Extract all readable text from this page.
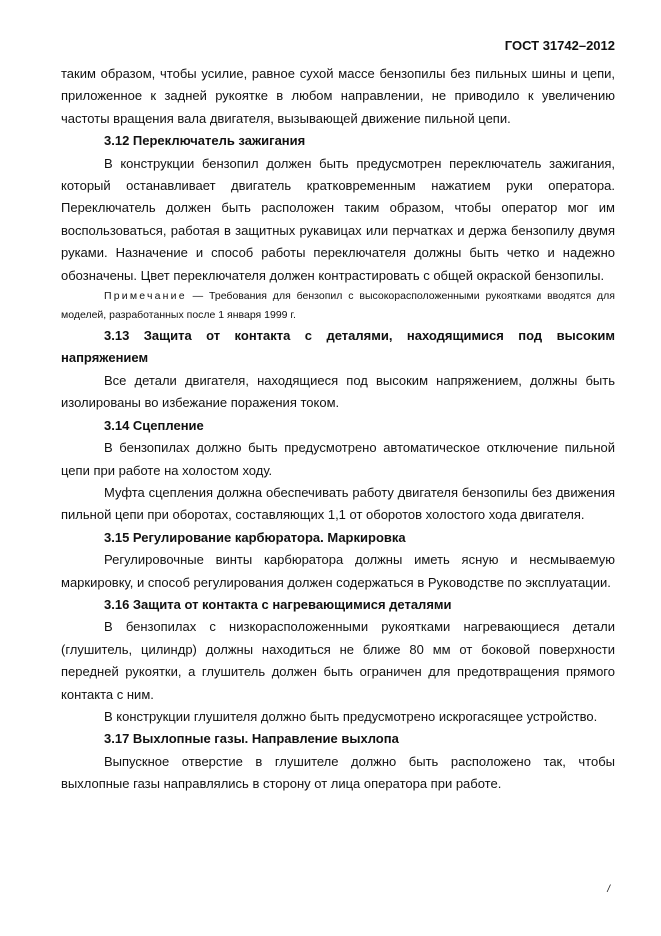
ГОСТ 31742–2012

таким образом, чтобы усилие, равное сухой массе бензопилы без пильных шины и цепи, приложенное к задней рукоятке в любом направлении, не приводило к увеличению частоты вращения вала двигателя, вызывающей движение пильной цепи.

3.12 Переключатель зажигания

В конструкции бензопил должен быть предусмотрен переключатель зажигания, который останавливает двигатель кратковременным нажатием руки оператора. Переключатель должен быть расположен таким образом, чтобы оператор мог им воспользоваться, работая в защитных рукавицах или перчатках и держа бензопилу двумя руками. Назначение и способ работы переключателя должны быть четко и надежно обозначены. Цвет переключателя должен контрастировать с общей окраской бензопилы.

Примечание — Требования для бензопил с высокорасположенными рукоятками вводятся для моделей, разработанных после 1 января 1999 г.
3.13 Защита от контакта с деталями, находящимися под высоким напряжением

Все детали двигателя, находящиеся под высоким напряжением, должны быть изолированы во избежание поражения током.

3.14 Сцепление

В бензопилах должно быть предусмотрено автоматическое отключение пильной цепи при работе на холостом ходу.

Муфта сцепления должна обеспечивать работу двигателя бензопилы без движения пильной цепи при оборотах, составляющих 1,1 от оборотов холостого хода двигателя.

3.15 Регулирование карбюратора. Маркировка

Регулировочные винты карбюратора должны иметь ясную и несмываемую маркировку, и способ регулирования должен содержаться в Руководстве по эксплуатации.

3.16 Защита от контакта с нагревающимися деталями

В бензопилах с низкорасположенными рукоятками нагревающиеся детали (глушитель, цилиндр) должны находиться не ближе 80 мм от боковой поверхности передней рукоятки, а глушитель должен быть ограничен для предотвращения прямого контакта с ним.

В конструкции глушителя должно быть предусмотрено искрогасящее устройство.

3.17 Выхлопные газы. Направление выхлопа

Выпускное отверстие в глушителе должно быть расположено так, чтобы выхлопные газы направлялись в сторону от лица оператора при работе.

/
